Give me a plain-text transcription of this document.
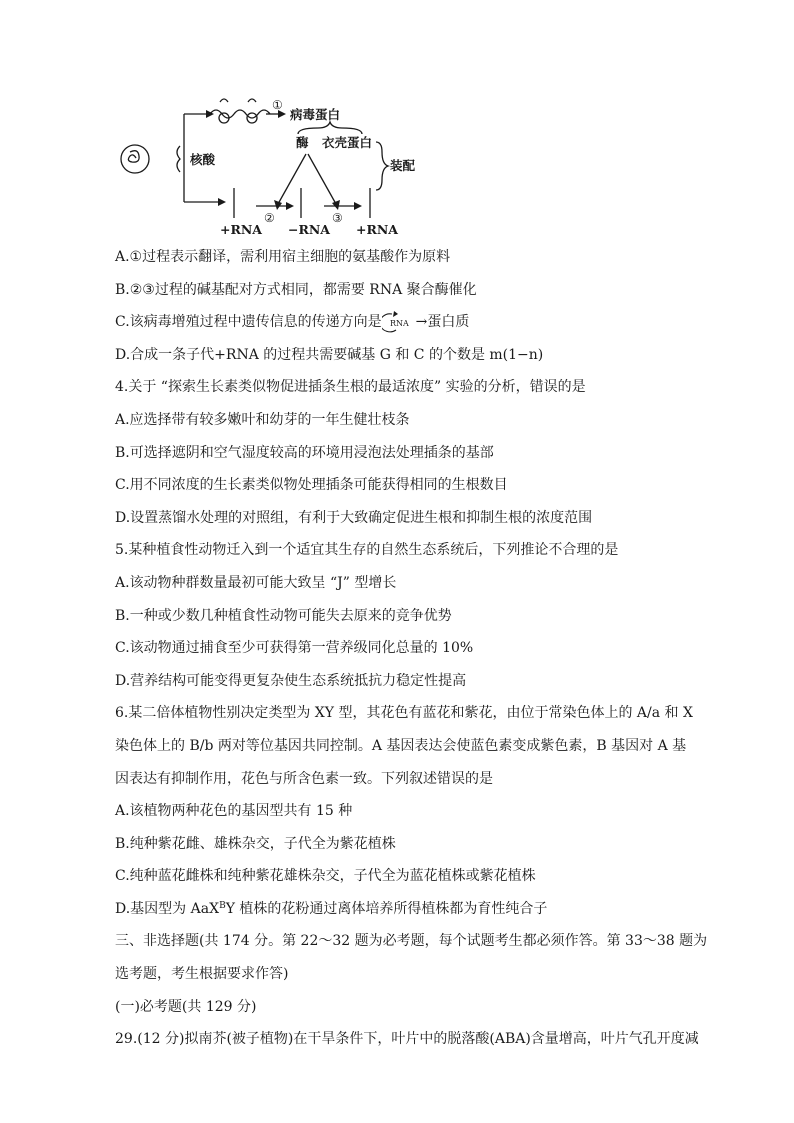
①
病毒蛋白
酶 衣壳蛋白
装配
核酸
+RNA
②
−RNA
③
+RNA
A.①过程表示翻译，需利用宿主细胞的氨基酸作为原料
B.②③过程的碱基配对方式相同，都需要 RNA 聚合酶催化
C.该病毒增殖过程中遗传信息的传递方向是 RNA →蛋白质
D.合成一条子代+RNA 的过程共需要碱基 G 和 C 的个数是 m(1−n)
4.关于 “探索生长素类似物促进插条生根的最适浓度” 实验的分析，错误的是
A.应选择带有较多嫩叶和幼芽的一年生健壮枝条
B.可选择遮阴和空气湿度较高的环境用浸泡法处理插条的基部
C.用不同浓度的生长素类似物处理插条可能获得相同的生根数目
D.设置蒸馏水处理的对照组，有利于大致确定促进生根和抑制生根的浓度范围
5.某种植食性动物迁入到一个适宜其生存的自然生态系统后，下列推论不合理的是
A.该动物种群数量最初可能大致呈 “J” 型增长
B.一种或少数几种植食性动物可能失去原来的竞争优势
C.该动物通过捕食至少可获得第一营养级同化总量的 10%
D.营养结构可能变得更复杂使生态系统抵抗力稳定性提高
6.某二倍体植物性别决定类型为 XY 型，其花色有蓝花和紫花，由位于常染色体上的 A/a 和 X
染色体上的 B/b 两对等位基因共同控制。A 基因表达会使蓝色素变成紫色素，B 基因对 A 基
因表达有抑制作用，花色与所含色素一致。下列叙述错误的是
A.该植物两种花色的基因型共有 15 种
B.纯种紫花雌、雄株杂交，子代全为紫花植株
C.纯种蓝花雌株和纯种紫花雄株杂交，子代全为蓝花植株或紫花植株
D.基因型为 AaX$^B$Y 植株的花粉通过离体培养所得植株都为育性纯合子
三、非选择题(共 174 分。第 22～32 题为必考题，每个试题考生都必须作答。第 33～38 题为
选考题，考生根据要求作答)
(一)必考题(共 129 分)
29.(12 分)拟南芥(被子植物)在干旱条件下，叶片中的脱落酸(ABA)含量增高，叶片气孔开度减
